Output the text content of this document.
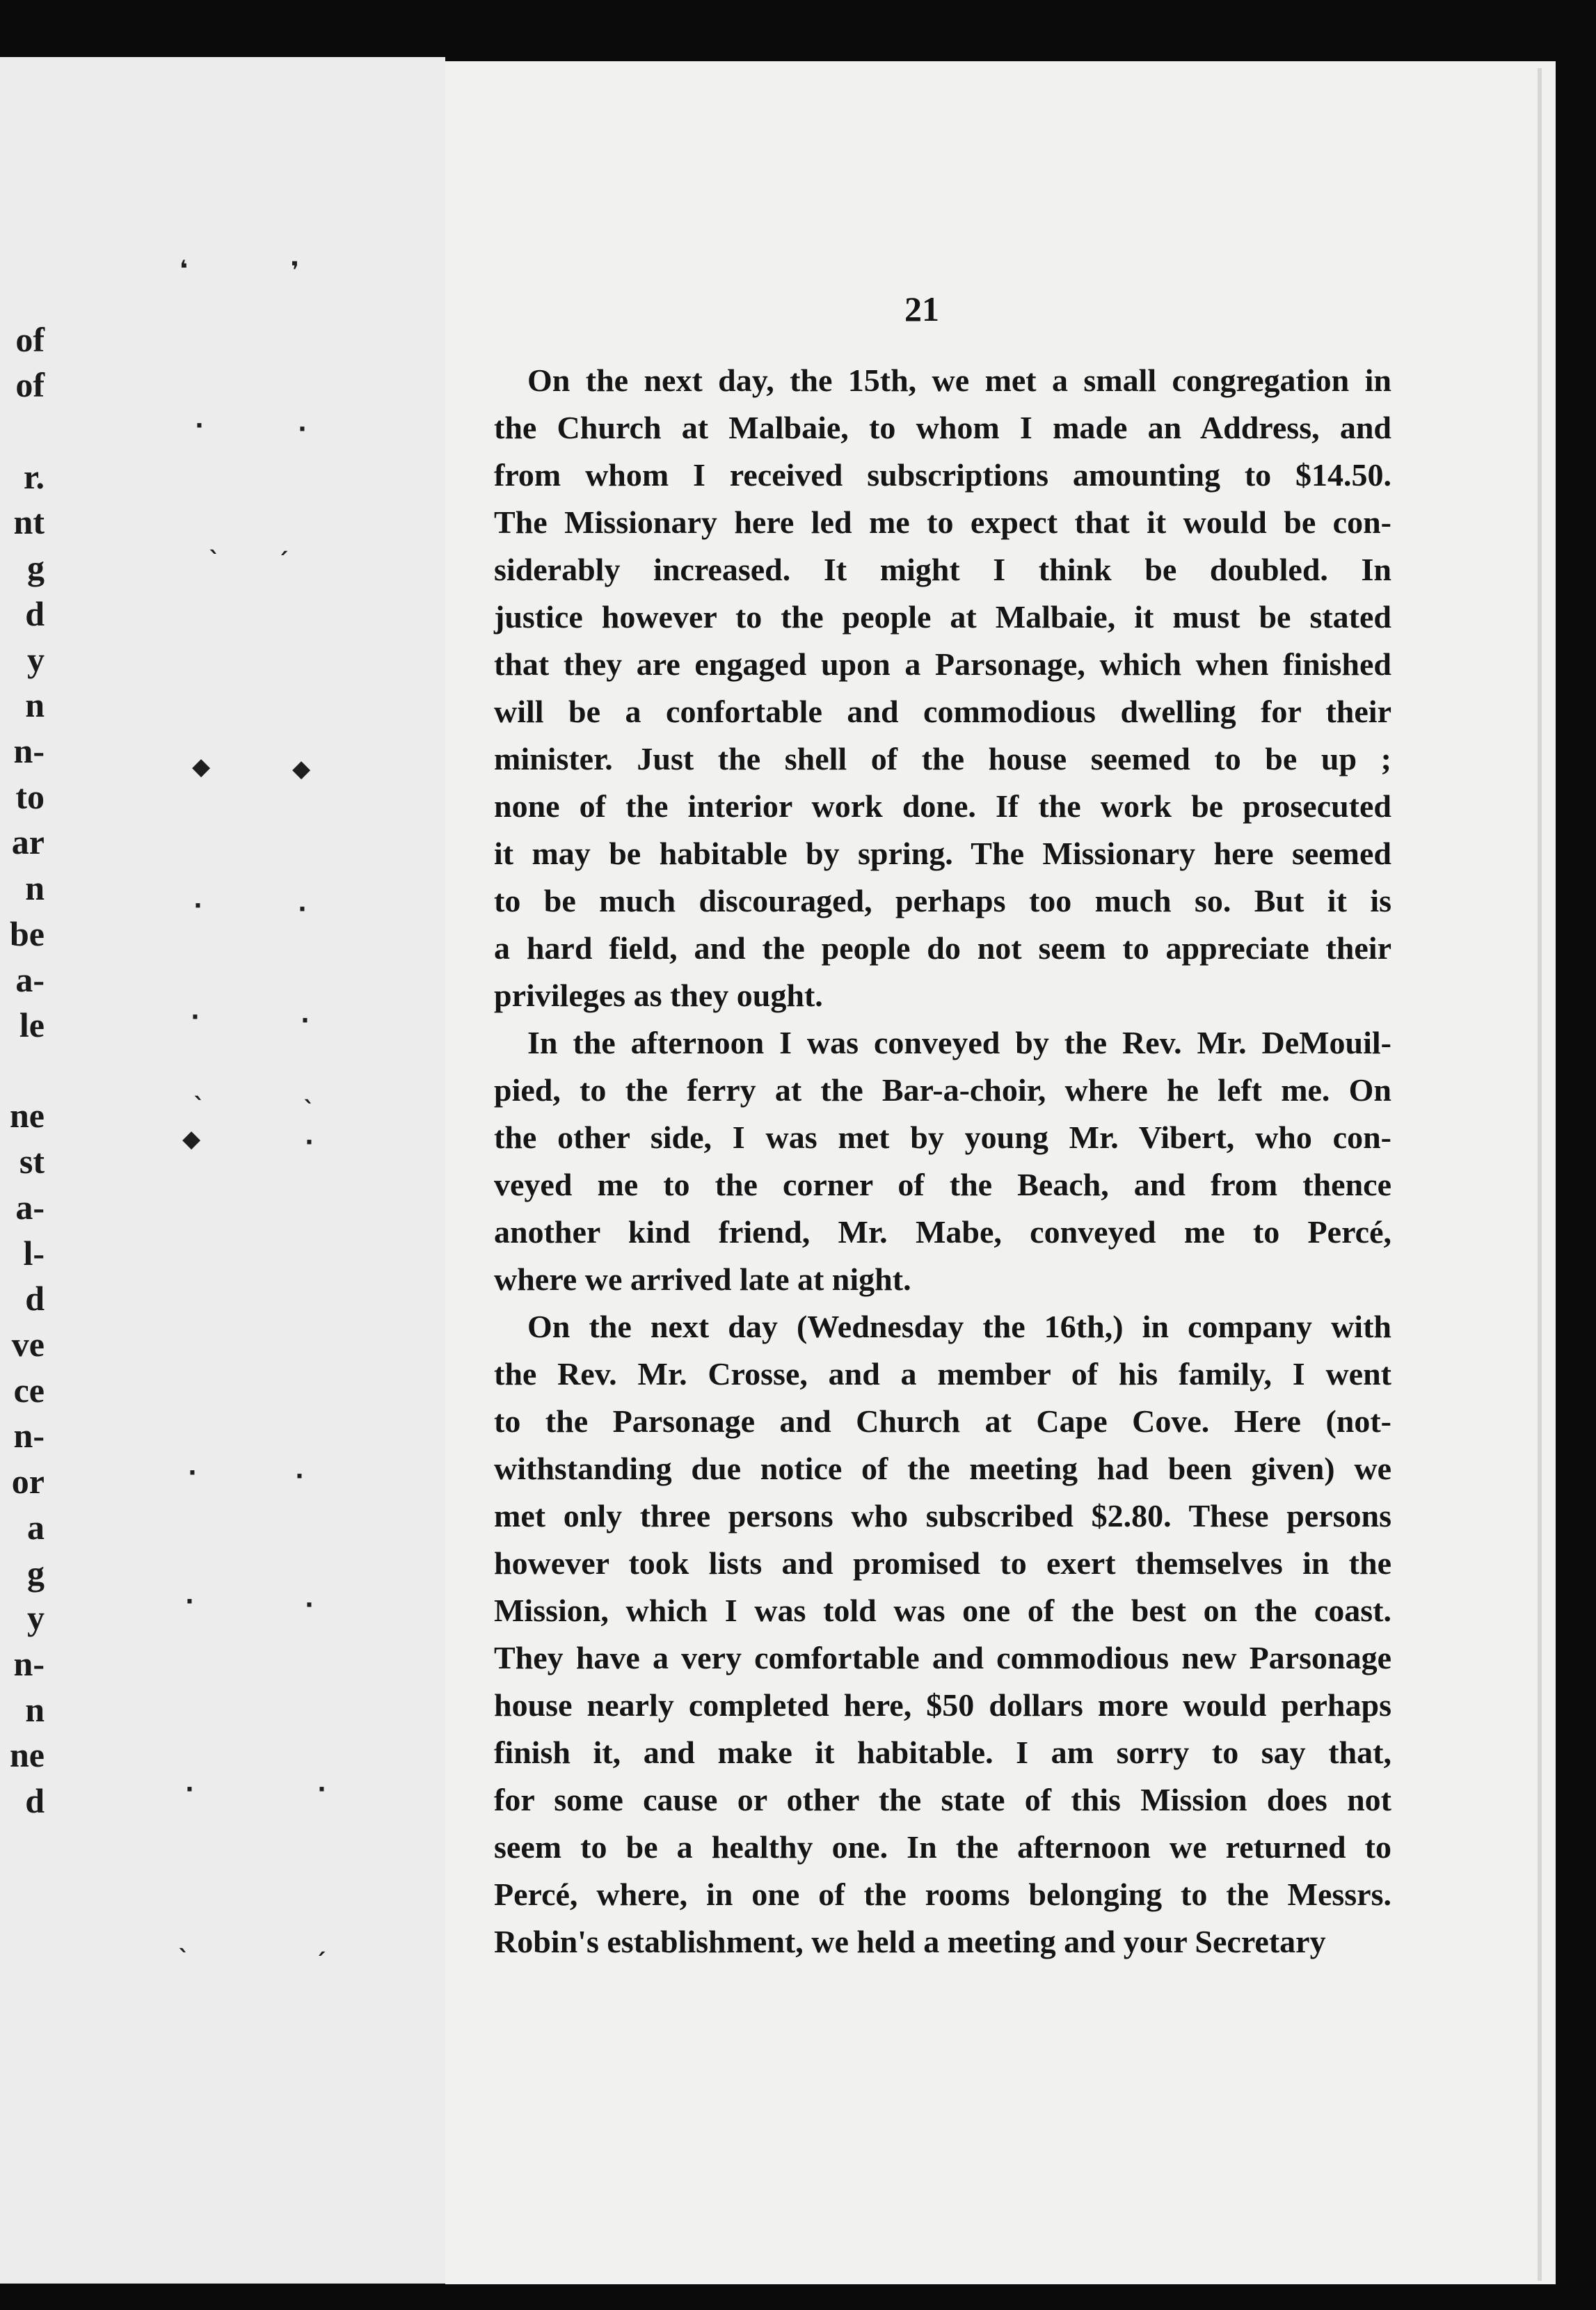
of
of
r.
nt
g
d
y
n
n-
to
ar
n
be
a-
le
ne
st
a-
l-
d
ve
ce
n-
or
a
g
y
n-
n
ne
d
21
On the next day, the 15th, we met a small congregation in
the Church at Malbaie, to whom I made an Address, and
from whom I received subscriptions amounting to $14.50.
The Missionary here led me to expect that it would be con-
siderably increased. It might I think be doubled. In
justice however to the people at Malbaie, it must be stated
that they are engaged upon a Parsonage, which when finished
will be a confortable and commodious dwelling for their
minister. Just the shell of the house seemed to be up ;
none of the interior work done. If the work be prosecuted
it may be habitable by spring. The Missionary here seemed
to be much discouraged, perhaps too much so. But it is
a hard field, and the people do not seem to appreciate their
privileges as they ought.
In the afternoon I was conveyed by the Rev. Mr. DeMouil-
pied, to the ferry at the Bar-a-choir, where he left me. On
the other side, I was met by young Mr. Vibert, who con-
veyed me to the corner of the Beach, and from thence
another kind friend, Mr. Mabe, conveyed me to Percé,
where we arrived late at night.
On the next day (Wednesday the 16th,) in company with
the Rev. Mr. Crosse, and a member of his family, I went
to the Parsonage and Church at Cape Cove. Here (not-
withstanding due notice of the meeting had been given) we
met only three persons who subscribed $2.80. These persons
however took lists and promised to exert themselves in the
Mission, which I was told was one of the best on the coast.
They have a very comfortable and commodious new Parsonage
house nearly completed here, $50 dollars more would perhaps
finish it, and make it habitable. I am sorry to say that,
for some cause or other the state of this Mission does not
seem to be a healthy one. In the afternoon we returned to
Percé, where, in one of the rooms belonging to the Messrs.
Robin's establishment, we held a meeting and your Secretary
❛	❜
·	·
ˎ ˏ
◆	◆
·	·
·	·
ˎ	ˎ
◆	·
·	·
·	·
·	·
ˎ	ˏ
